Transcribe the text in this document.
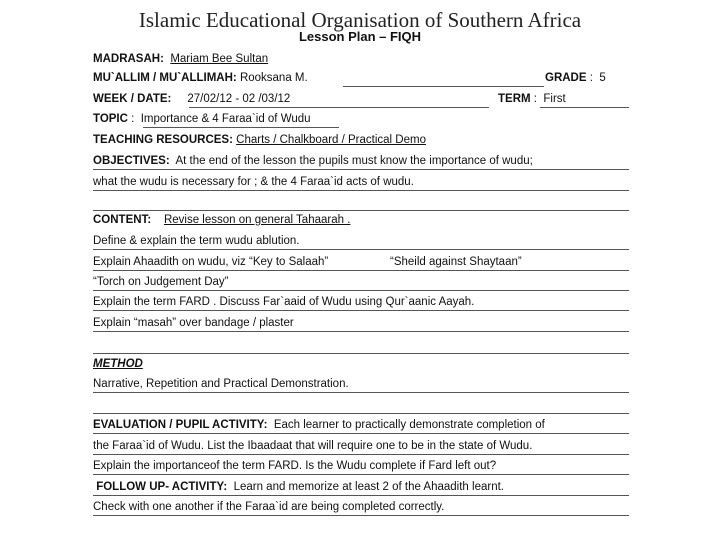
Islamic Educational Organisation of Southern Africa
Lesson Plan – FIQH
MADRASAH: Mariam Bee Sultan
MU`ALLIM / MU`ALLIMAH: Rooksana M.	GRADE :  5
WEEK / DATE: 27/02/12 - 02 /03/12	TERM :  First
TOPIC :  Importance & 4 Faraa`id of Wudu
TEACHING RESOURCES: Charts / Chalkboard / Practical Demo
OBJECTIVES: At the end of the lesson the pupils must know the importance of wudu;
what the wudu is necessary for ; & the 4 Faraa`id acts of wudu.
CONTENT: Revise lesson on general Tahaarah .
Define & explain the term wudu ablution.
Explain Ahaadith on wudu, viz “Key to Salaah”	“Sheild against Shaytaan”
“Torch on Judgement Day”
Explain the term FARD . Discuss Far`aaid of Wudu using Qur`aanic Aayah.
Explain “masah” over bandage / plaster
METHOD
Narrative, Repetition and Practical Demonstration.
EVALUATION / PUPIL ACTIVITY: Each learner to practically demonstrate completion of
the Faraa`id of Wudu. List the Ibaadaat that will require one to be in the state of Wudu.
Explain the importanceof the term FARD. Is the Wudu complete if Fard left out?
FOLLOW UP- ACTIVITY: Learn and memorize at least 2 of the Ahaadith learnt.
Check with one another if the Faraa`id are being completed correctly.
